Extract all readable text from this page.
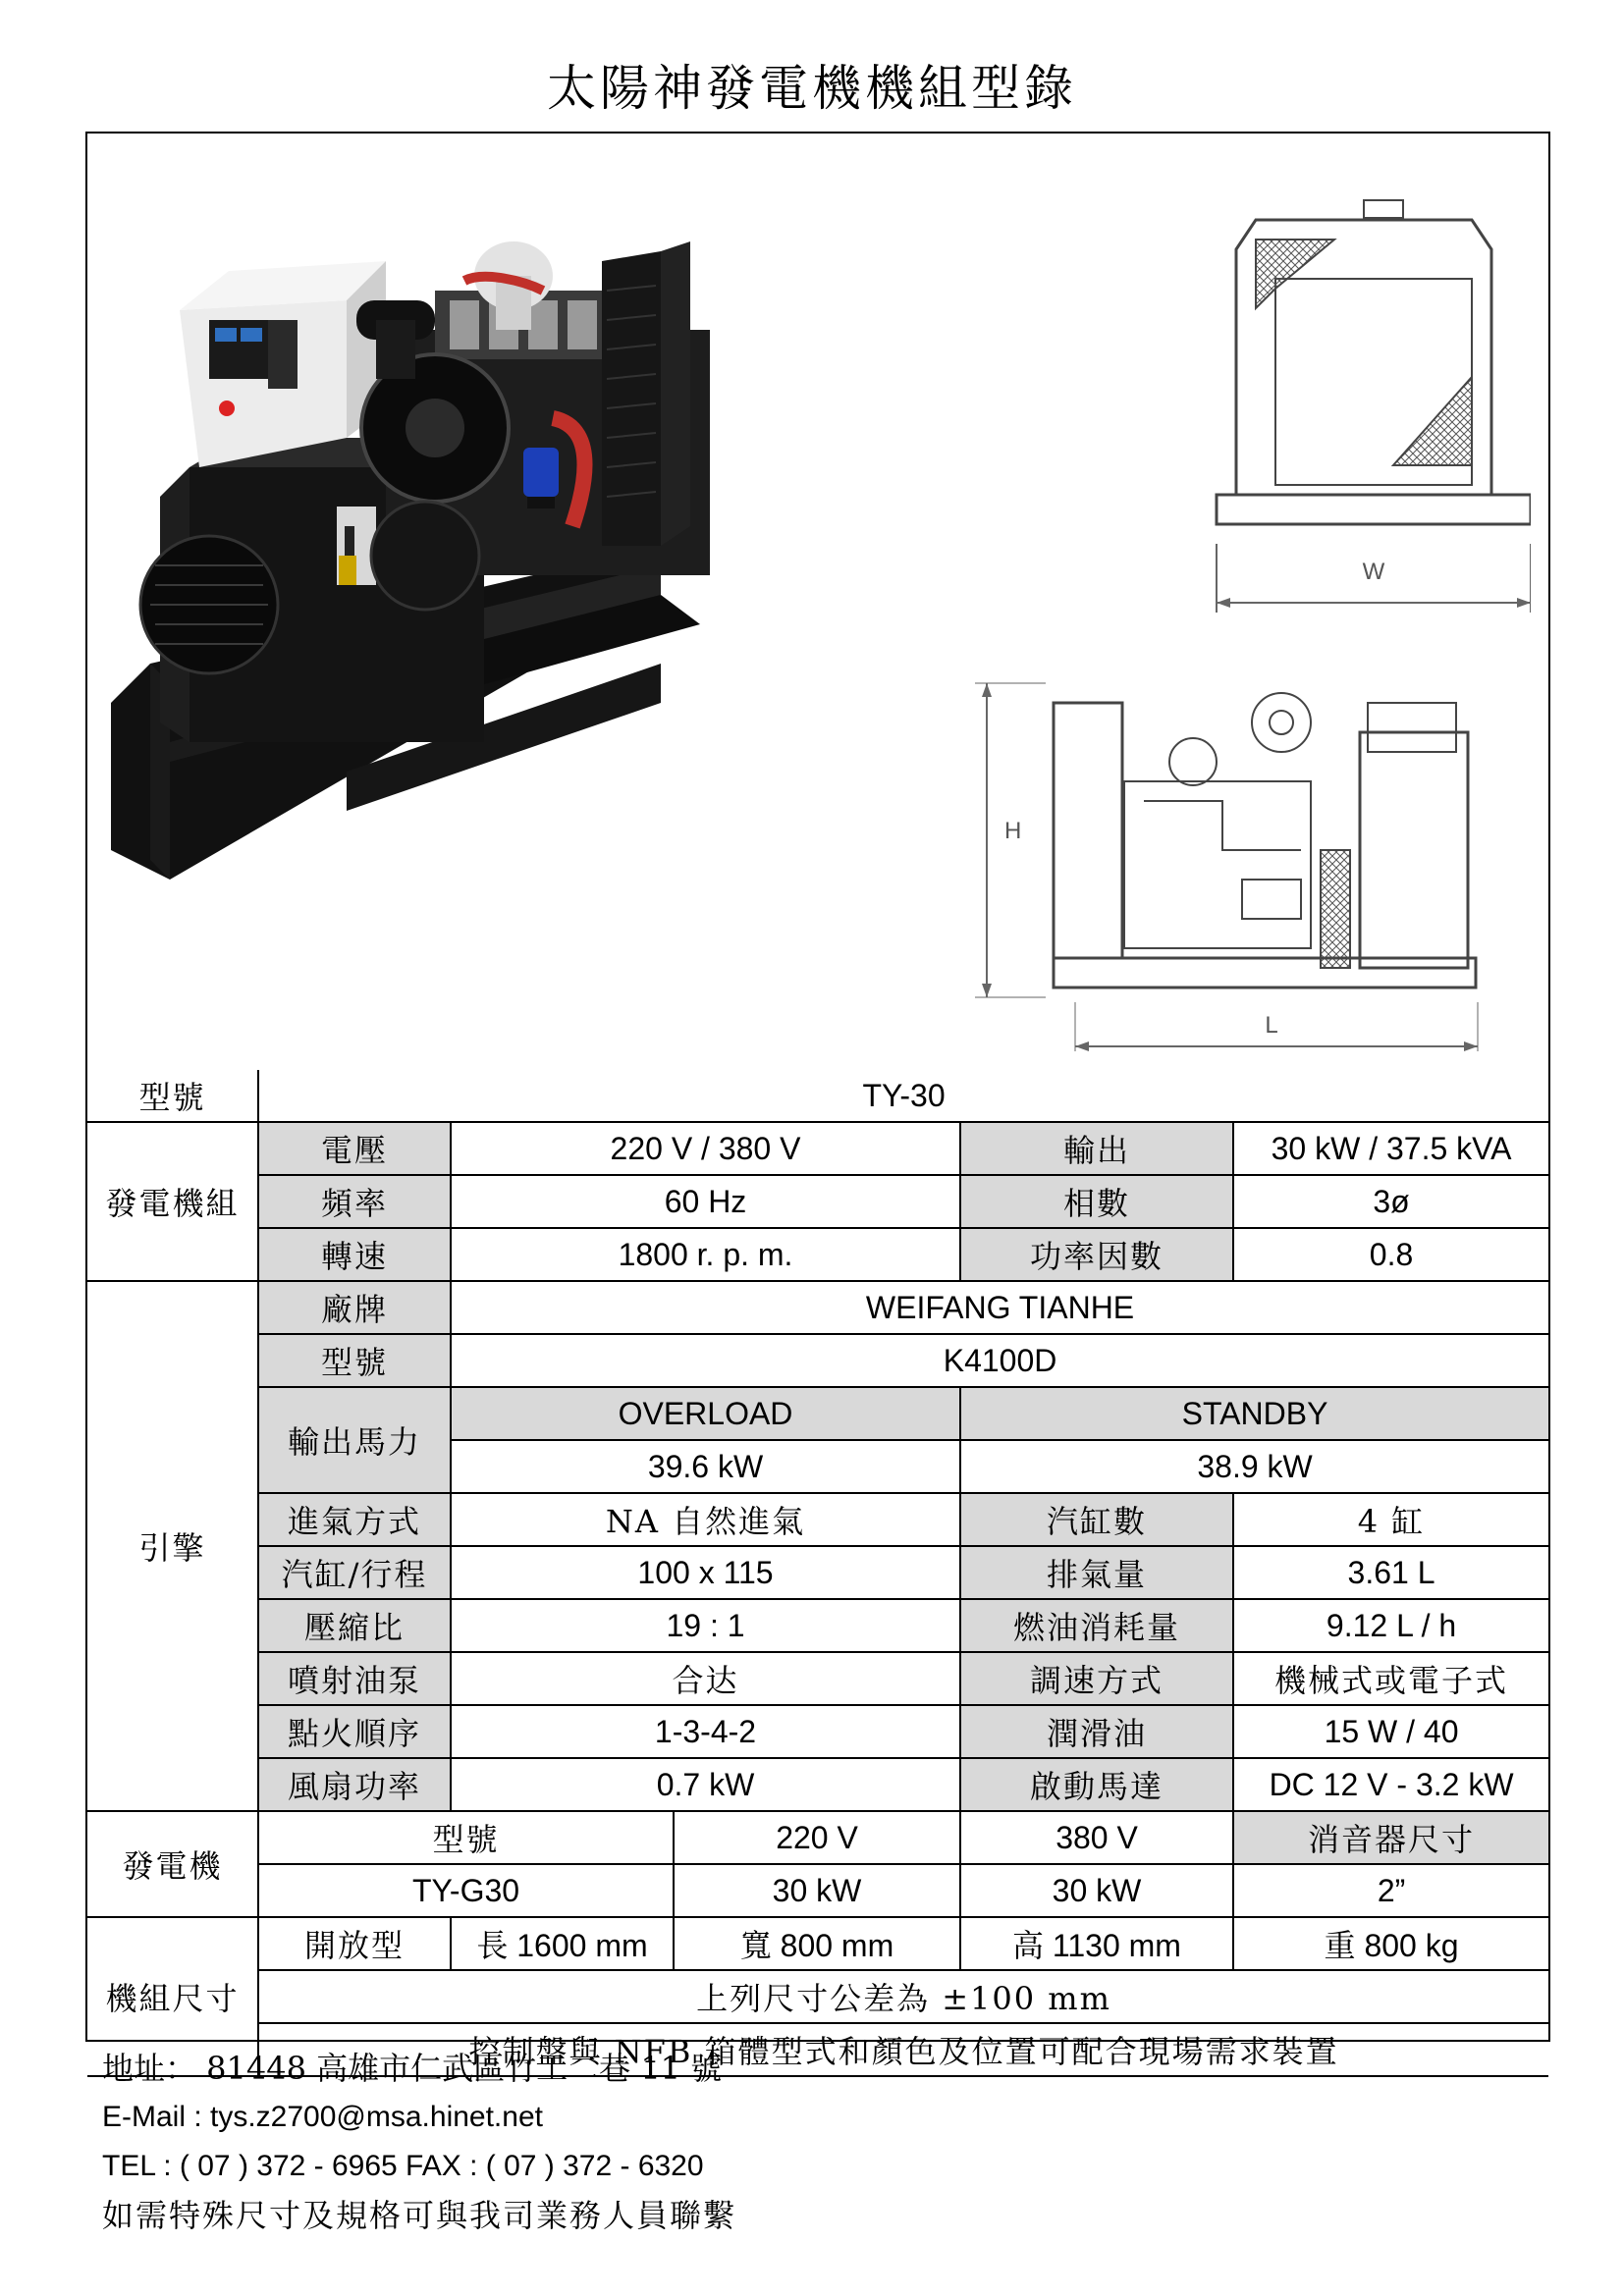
太陽神發電機機組型錄
W
H
L
型號	TY-30				
發電機組	電壓	220 V / 380 V		輸出	30 kW / 37.5 kVA
	頻率	60 Hz		相數	3ø
	轉速	1800 r. p. m.		功率因數	0.8
引擎	廠牌	WEIFANG TIANHE			
	型號	K4100D			
	輸出馬力	OVERLOAD		STANDBY	
		39.6 kW		38.9 kW	
	進氣方式	NA 自然進氣		汽缸數	4 缸
	汽缸/行程	100 x 115		排氣量	3.61 L
	壓縮比	19 : 1		燃油消耗量	9.12 L / h
	噴射油泵	合达		調速方式	機械式或電子式
	點火順序	1-3-4-2		潤滑油	15 W / 40
	風扇功率	0.7 kW		啟動馬達	DC 12 V - 3.2 kW
發電機	型號		220 V	380 V	消音器尺寸
	TY-G30		30 kW	30 kW	2”
機組尺寸	開放型	長 1600 mm	寬 800 mm	高 1130 mm	重 800 kg
	上列尺寸公差為 ±100 mm				
	控制盤與 NFB 箱體型式和顏色及位置可配合現場需求裝置				
地址： 81448 高雄市仁武區竹工二巷 11 號
E-Mail : tys.z2700@msa.hinet.net
TEL : ( 07 ) 372 - 6965 FAX : ( 07 ) 372 - 6320
如需特殊尺寸及規格可與我司業務人員聯繫
